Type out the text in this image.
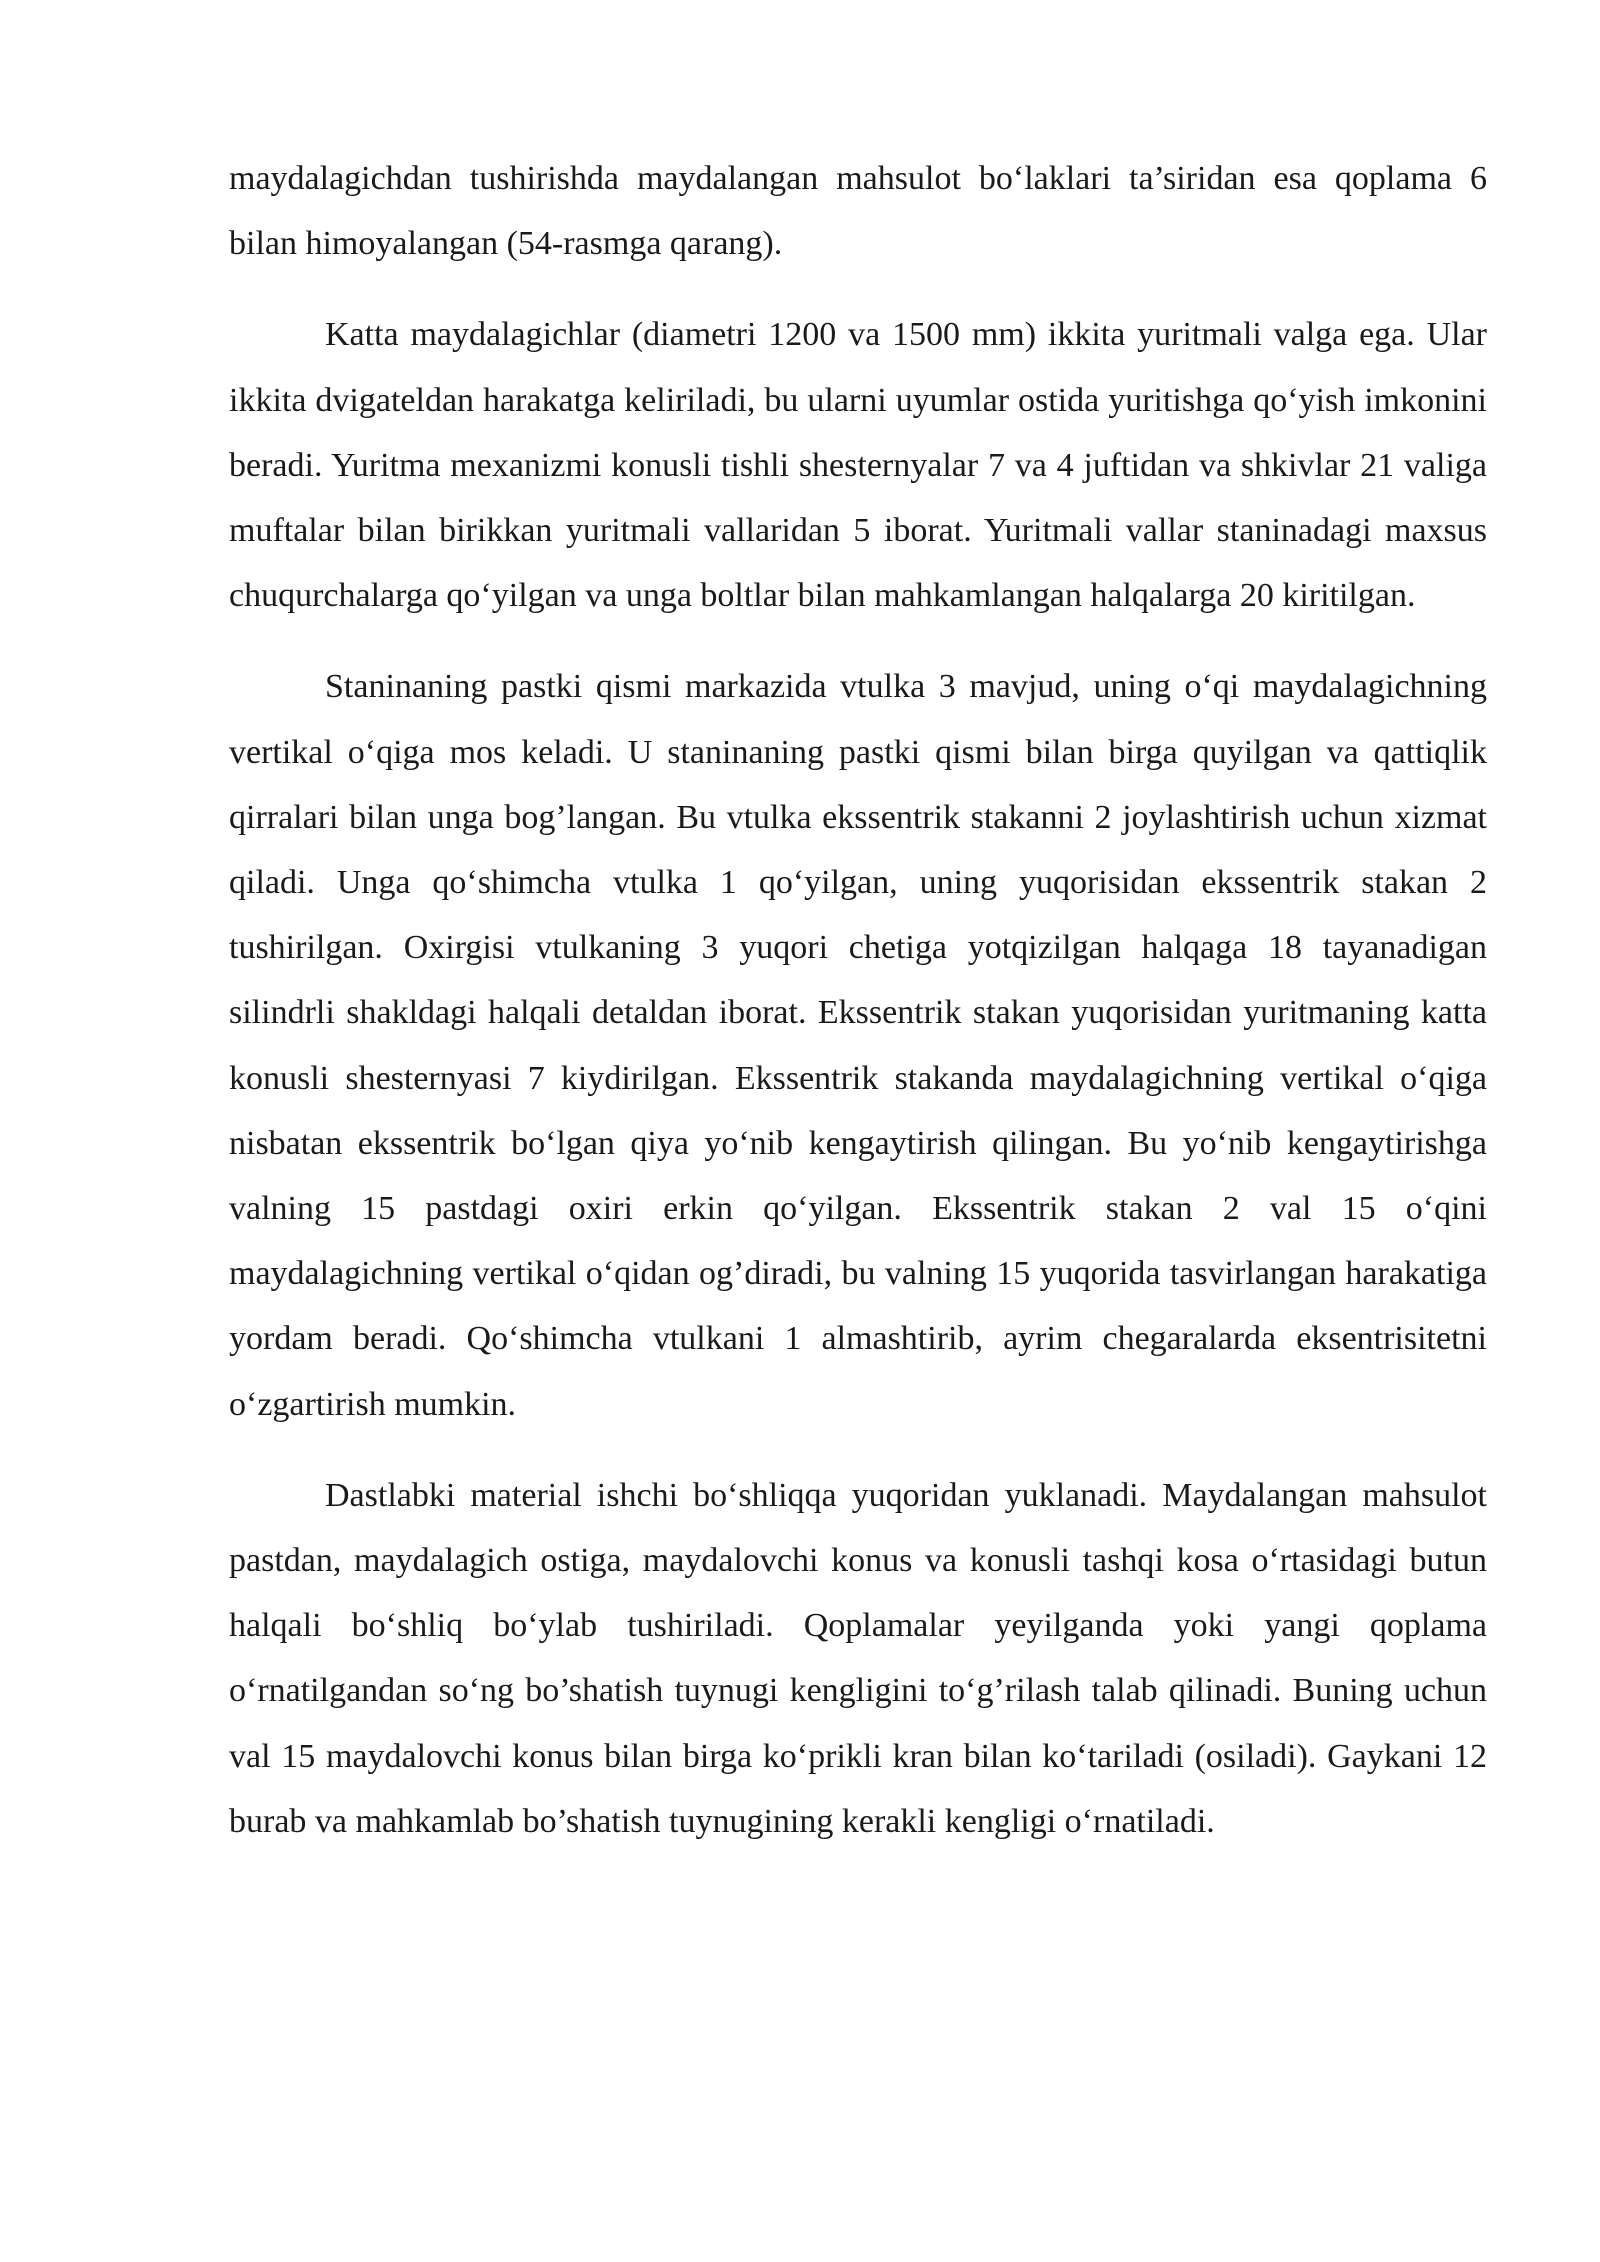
maydalagichdan tushirishda maydalangan mahsulot bo‘laklari ta’siridan esa qoplama 6 bilan himoyalangan (54-rasmga qarang).

Katta maydalagichlar (diametri 1200 va 1500 mm) ikkita yuritmali valga ega. Ular ikkita dvigateldan harakatga keliriladi, bu ularni uyumlar ostida yuritishga qo‘yish imkonini beradi. Yuritma mexanizmi konusli tishli shesternyalar 7 va 4 juftidan va shkivlar 21 valiga muftalar bilan birikkan yuritmali vallaridan 5 iborat. Yuritmali vallar staninadagi maxsus chuqurchalarga qo‘yilgan va unga boltlar bilan mahkamlangan halqalarga 20 kiritilgan.

Staninaning pastki qismi markazida vtulka 3 mavjud, uning o‘qi maydalagichning vertikal o‘qiga mos keladi. U staninaning pastki qismi bilan birga quyilgan va qattiqlik qirralari bilan unga bog’langan. Bu vtulka ekssentrik stakanni 2 joylashtirish uchun xizmat qiladi. Unga qo‘shimcha vtulka 1 qo‘yilgan, uning yuqorisidan ekssentrik stakan 2 tushirilgan. Oxirgisi vtulkaning 3 yuqori chetiga yotqizilgan halqaga 18 tayanadigan silindrli shakldagi halqali detaldan iborat. Ekssentrik stakan yuqorisidan yuritmaning katta konusli shesternyasi 7 kiydirilgan. Ekssentrik stakanda maydalagichning vertikal o‘qiga nisbatan ekssentrik bo‘lgan qiya yo‘nib kengaytirish qilingan. Bu yo‘nib kengaytirishga valning 15 pastdagi oxiri erkin qo‘yilgan. Ekssentrik stakan 2 val 15 o‘qini maydalagichning vertikal o‘qidan og’diradi, bu valning 15 yuqorida tasvirlangan harakatiga yordam beradi. Qo‘shimcha vtulkani 1 almashtirib, ayrim chegaralarda eksentrisitetni o‘zgartirish mumkin.

Dastlabki material ishchi bo‘shliqqa yuqoridan yuklanadi. Maydalangan mahsulot pastdan, maydalagich ostiga, maydalovchi konus va konusli tashqi kosa o‘rtasidagi butun halqali bo‘shliq bo‘ylab tushiriladi. Qoplamalar yeyilganda yoki yangi qoplama o‘rnatilgandan so‘ng bo’shatish tuynugi kengligini to‘g’rilash talab qilinadi. Buning uchun val 15 maydalovchi konus bilan birga ko‘prikli kran bilan ko‘tariladi (osiladi). Gaykani 12 burab va mahkamlab bo’shatish tuynugining kerakli kengligi o‘rnatiladi.
